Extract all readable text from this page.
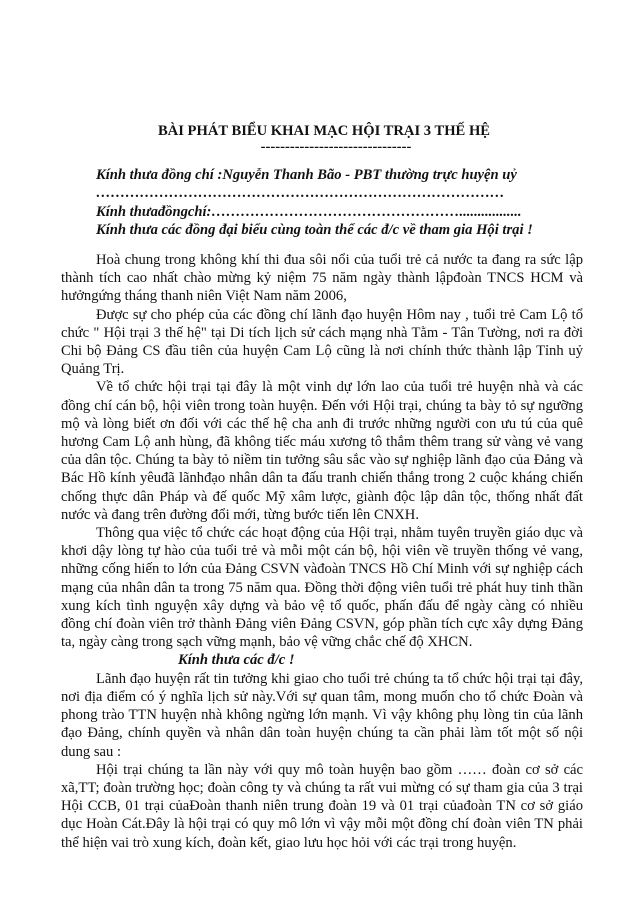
BÀI PHÁT BIỂU KHAI MẠC HỘI TRẠI 3 THẾ HỆ
-------------------------------

Kính thưa đồng chí :Nguyễn Thanh Bão - PBT thường trực huyện uỷ

…………………………………………………………………………

Kính thưađồngchí:…………………………………………….................

Kính thưa các đồng đại biểu cùng toàn thể các đ/c về tham gia Hội trại !

Hoà chung trong không khí thi đua sôi nổi của tuổi trẻ cả nước ta đang ra sức lập thành tích cao nhất chào mừng kỷ niệm 75 năm ngày thành lậpđoàn TNCS HCM và hưởngứng tháng thanh niên Việt Nam năm 2006,

Được sự cho phép của các đồng chí lãnh đạo huyện Hôm nay , tuổi trẻ Cam Lộ tổ chức " Hội trại 3 thế hệ" tại Di tích lịch sử cách mạng nhà Tằm - Tân Tường, nơi ra đời Chi bộ Đảng CS đầu tiên của huyện Cam Lộ cũng là nơi chính thức thành lập Tỉnh uỷ Quảng Trị.

Về tổ chức hội trại tại đây là một vinh dự lớn lao của tuổi trẻ huyện nhà và các đồng chí cán bộ, hội viên trong toàn huyện. Đến với Hội trại, chúng ta bày tỏ sự ngưỡng mộ và lòng biết ơn đối với các thế hệ cha anh đi trước những người con ưu tú của quê hương Cam Lộ anh hùng, đã không tiếc máu xương tô thắm thêm trang sử vàng vẻ vang của dân tộc. Chúng ta bày tỏ niềm tin tưởng sâu sắc vào sự nghiệp lãnh đạo của Đảng và Bác Hồ kính yêuđã lãnhđạo nhân dân ta đấu tranh chiến thắng trong 2 cuộc kháng chiến chống thực dân Pháp và đế quốc Mỹ xâm lược, giành độc lập dân tộc, thống nhất đất nước và đang trên đường đổi mới, từng bước tiến lên CNXH.

Thông qua việc tổ chức các hoạt động của Hội trại, nhằm tuyên truyền giáo dục và khơi dậy lòng tự hào của tuổi trẻ và mỗi một cán bộ, hội viên về truyền thống vẻ vang, những cống hiến to lớn của Đảng CSVN vàđoàn TNCS Hồ Chí Minh với sự nghiệp cách mạng của nhân dân ta trong 75 năm qua. Đồng thời động viên tuổi trẻ phát huy tinh thần xung kích tình nguyện xây dựng và bảo vệ tổ quốc, phấn đấu để ngày càng có nhiều đồng chí đoàn viên trở thành Đảng viên Đảng CSVN, góp phần tích cực xây dựng Đảng ta, ngày càng trong sạch vững mạnh, bảo vệ vững chắc chế độ XHCN.

Kính thưa các đ/c !

Lãnh đạo huyện rất tin tưởng khi giao cho tuổi trẻ chúng ta tổ chức hội trại tại đây, nơi địa điểm có ý nghĩa lịch sử này.Với sự quan tâm, mong muốn cho tổ chức Đoàn và phong trào TTN huyện nhà không ngừng lớn mạnh. Vì vậy không phụ lòng tin của lãnh đạo Đảng, chính quyền và nhân dân toàn huyện chúng ta cần phải làm tốt một số nội dung sau :

Hội trại chúng ta lần này với quy mô toàn huyện bao gồm …… đoàn cơ sở các xã,TT; đoàn trường học; đoàn công ty và chúng ta rất vui mừng có sự tham gia của 3 trại Hội CCB, 01 trại củaĐoàn thanh niên trung đoàn 19 và 01 trại củađoàn TN cơ sở giáo dục Hoàn Cát.Đây là hội trại có quy mô lớn vì vậy mỗi một đồng chí đoàn viên TN phải thể hiện vai trò xung kích, đoàn kết, giao lưu học hỏi với các trại trong huyện.
